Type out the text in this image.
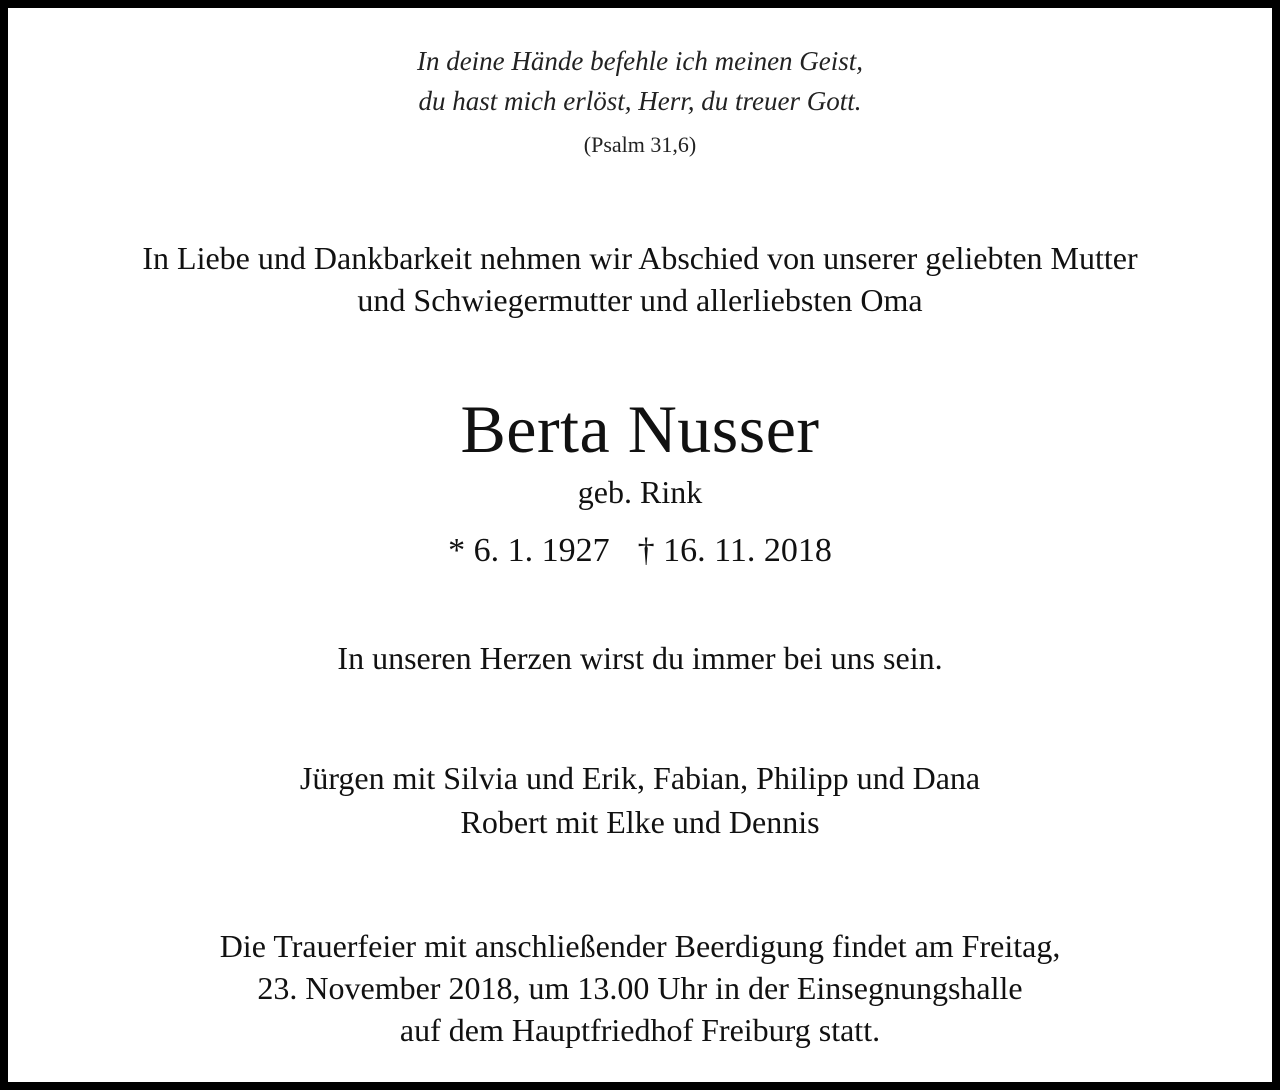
In deine Hände befehle ich meinen Geist,

du hast mich erlöst, Herr, du treuer Gott.

(Psalm 31,6)

In Liebe und Dankbarkeit nehmen wir Abschied von unserer geliebten Mutter

und Schwiegermutter und allerliebsten Oma

Berta Nusser

geb. Rink

* 6. 1. 1927 † 16. 11. 2018

In unseren Herzen wirst du immer bei uns sein.

Jürgen mit Silvia und Erik, Fabian, Philipp und Dana

Robert mit Elke und Dennis

Die Trauerfeier mit anschließender Beerdigung findet am Freitag,

23. November 2018, um 13.00 Uhr in der Einsegnungshalle

auf dem Hauptfriedhof Freiburg statt.
